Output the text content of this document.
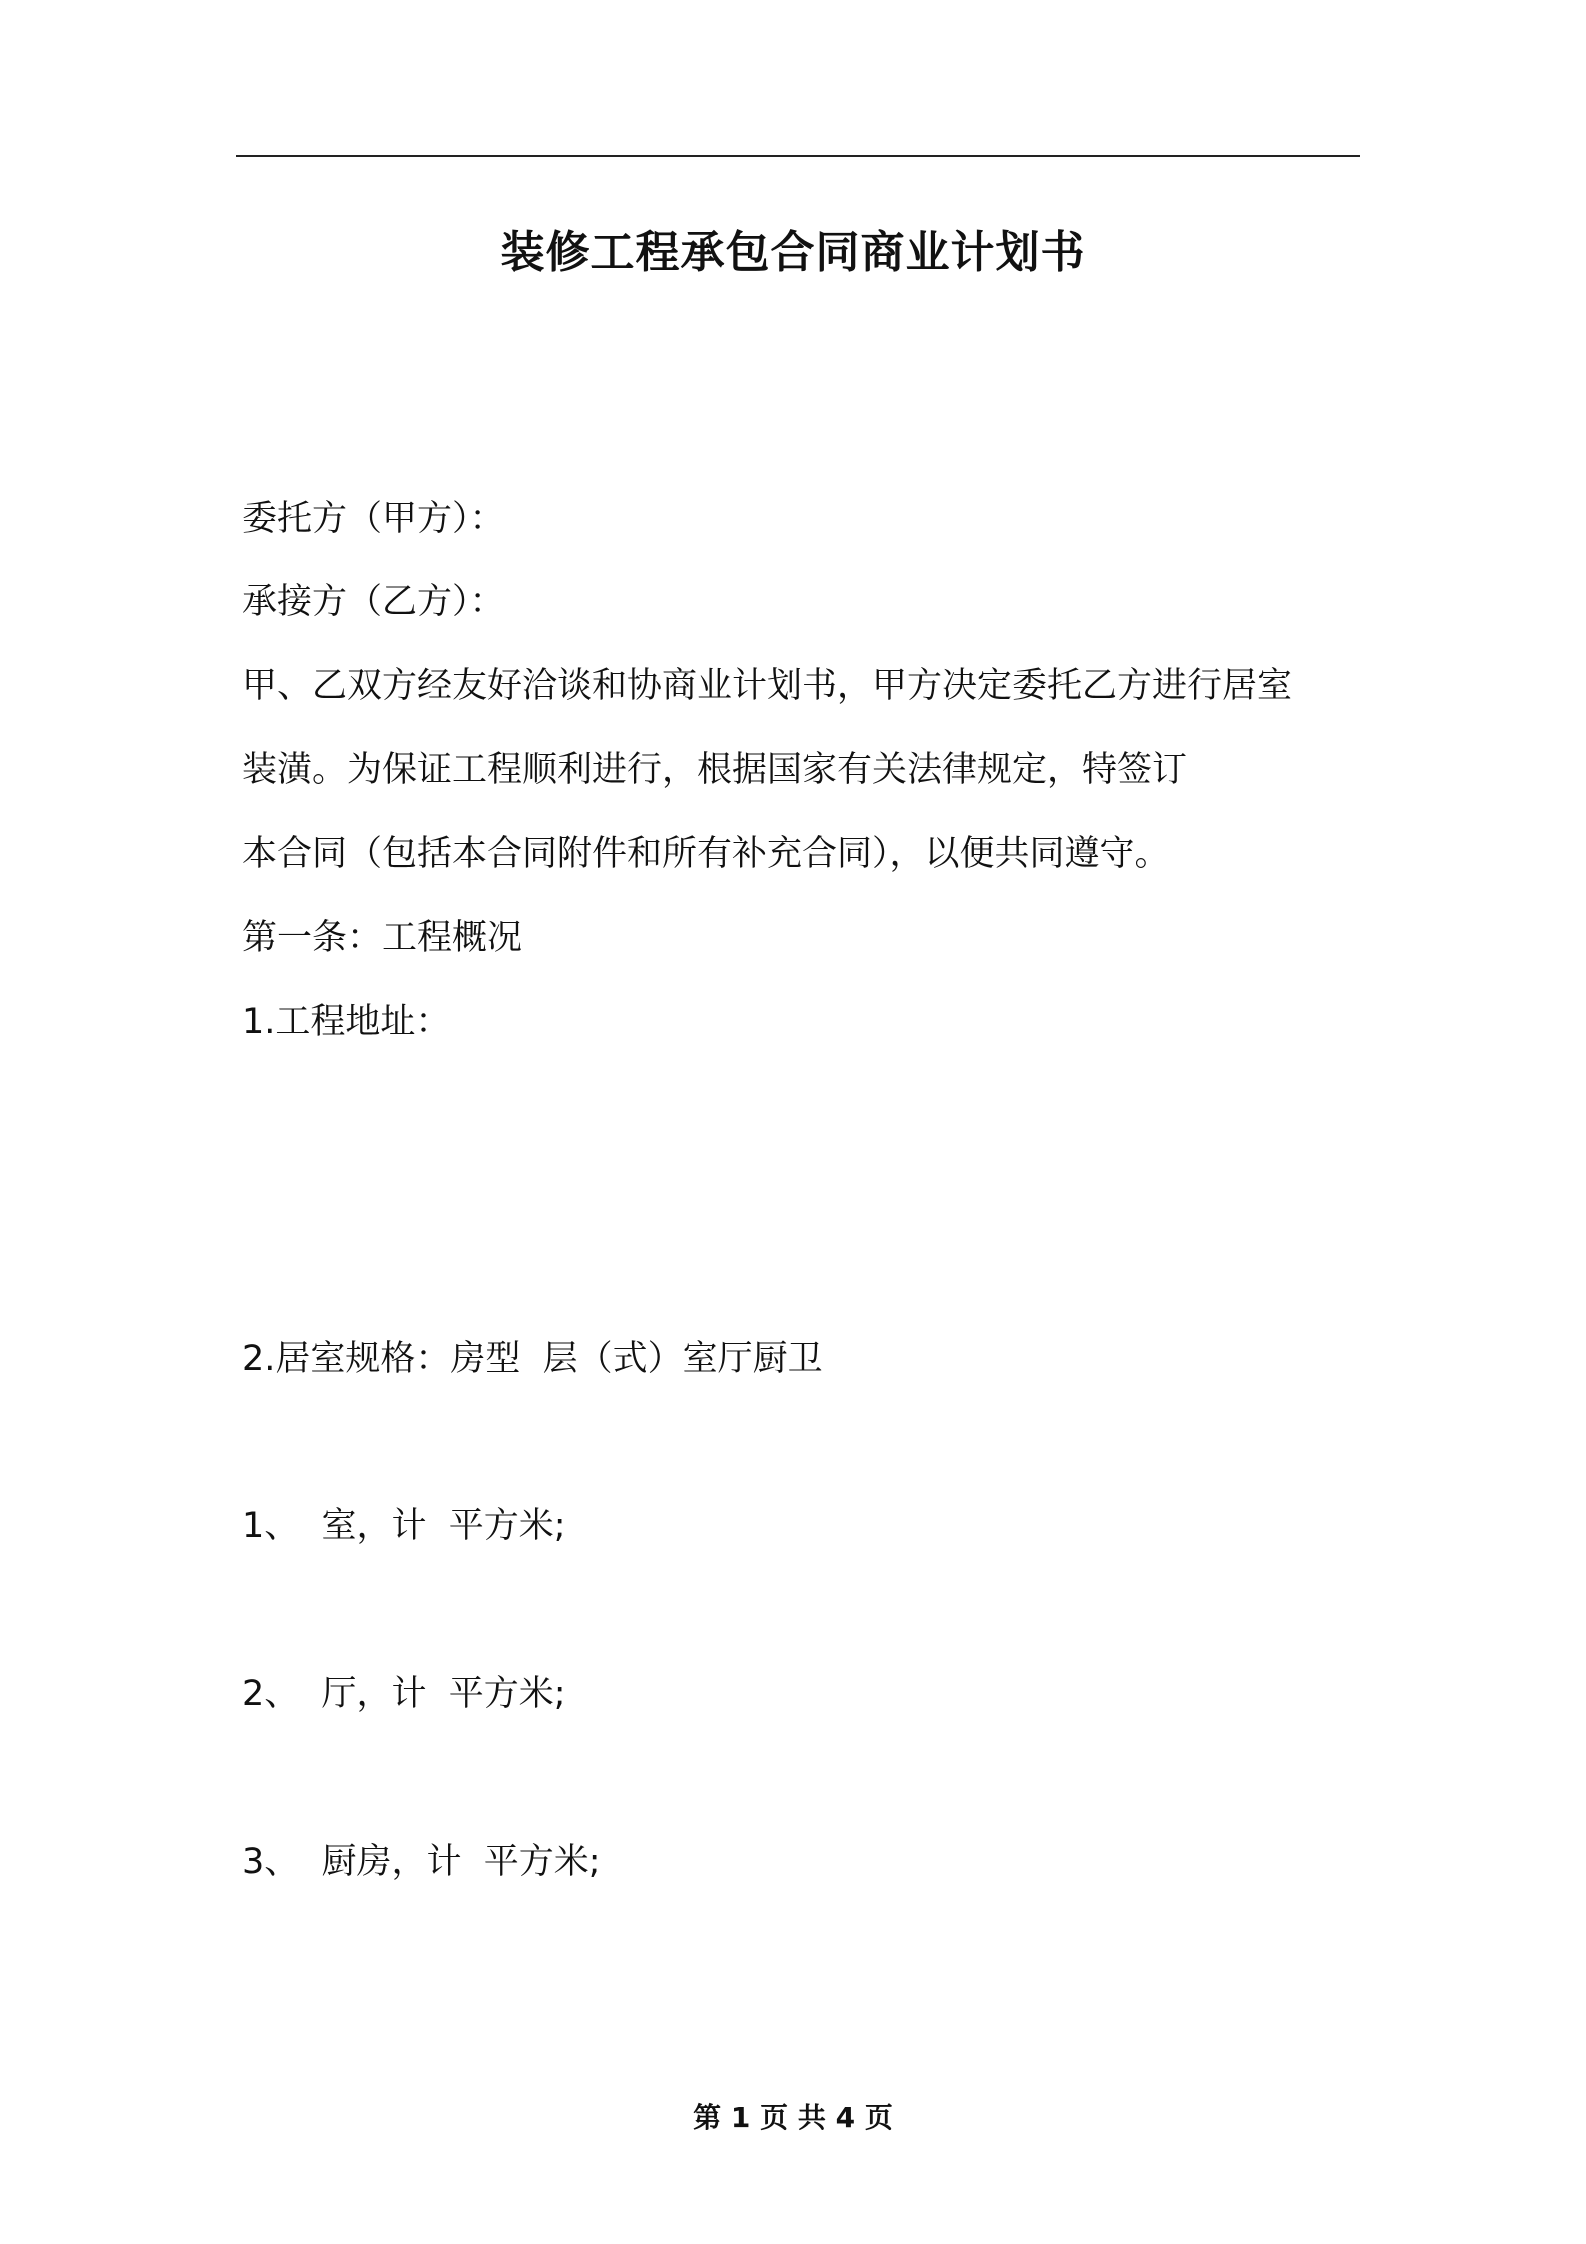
装修工程承包合同商业计划书

委托方（甲方）：

承接方（乙方）：

甲、乙双方经友好洽谈和协商业计划书，甲方决定委托乙方进行居室

装潢。为保证工程顺利进行，根据国家有关法律规定，特签订

本合同（包括本合同附件和所有补充合同），以便共同遵守。

第一条：工程概况

1.工程地址：

2.居室规格：房型  层（式）室厅厨卫

1、  室，计  平方米;

2、  厅，计  平方米;

3、  厨房，计  平方米;

第 1 页 共 4 页
